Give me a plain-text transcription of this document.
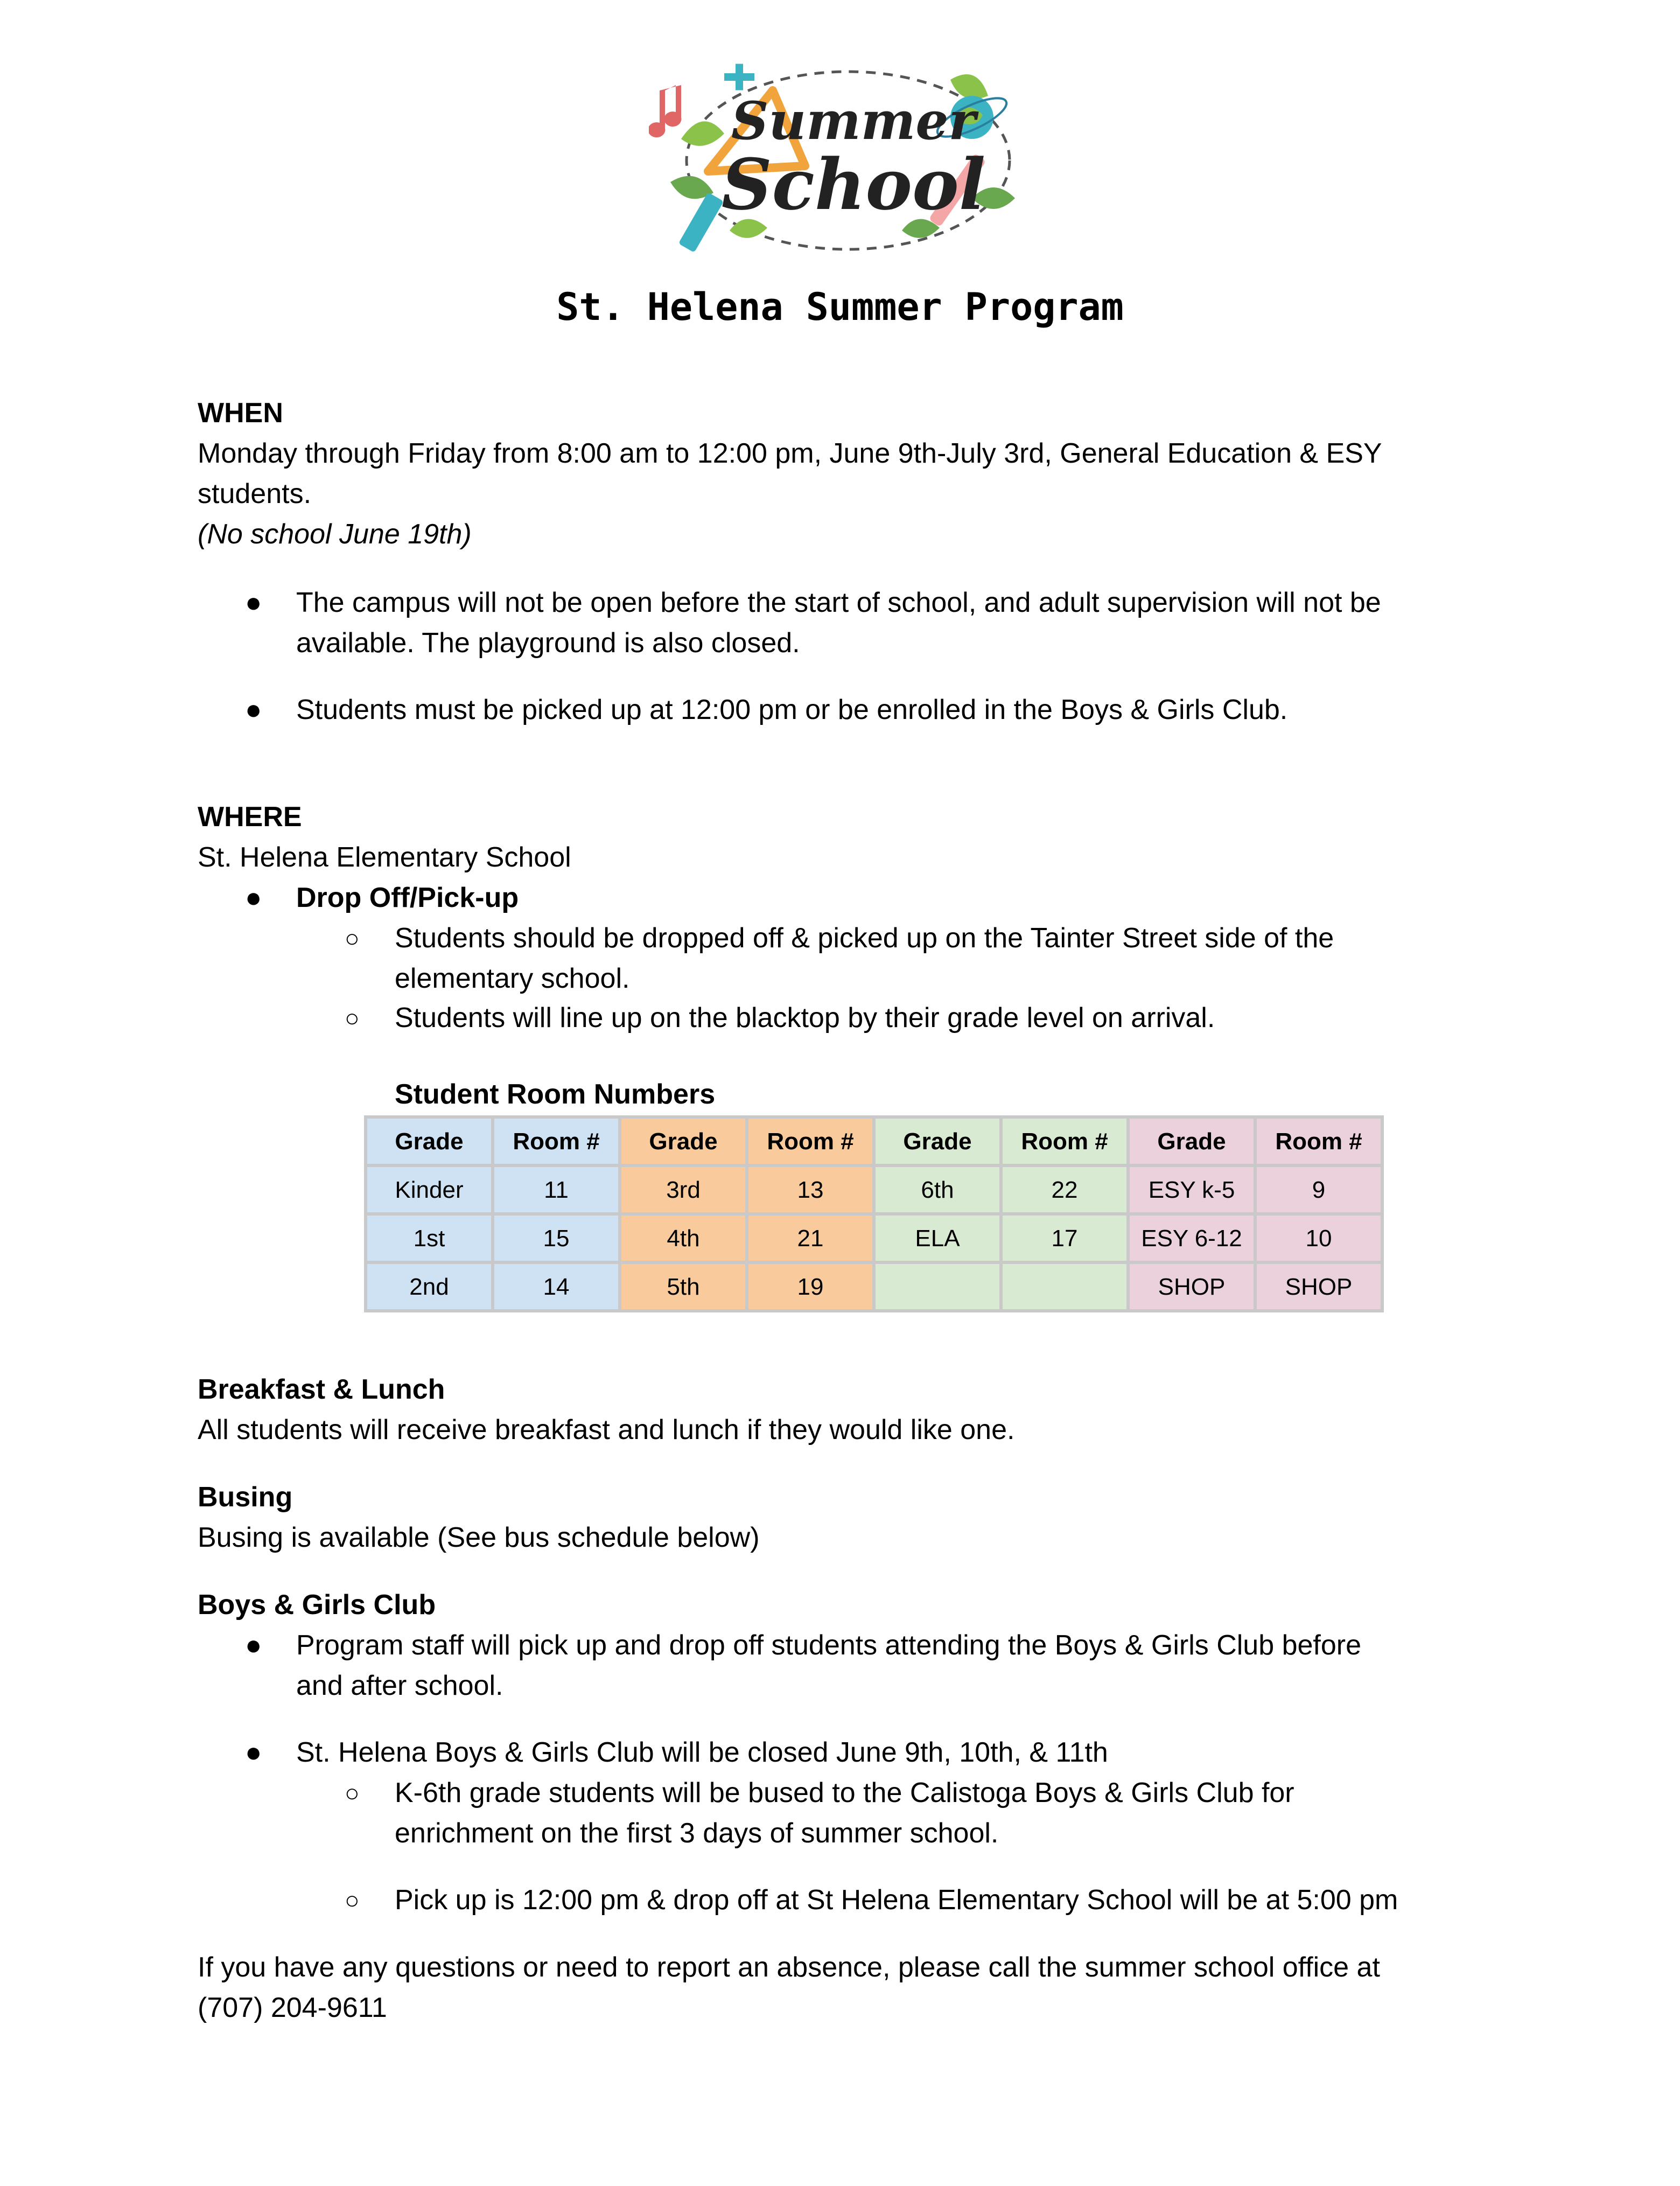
Summer
School
St. Helena Summer Program
WHEN
Monday through Friday from 8:00 am to 12:00 pm, June 9th-July 3rd, General Education & ESY
students.
(No school June 19th)
● The campus will not be open before the start of school, and adult supervision will not be
available. The playground is also closed.
● Students must be picked up at 12:00 pm or be enrolled in the Boys & Girls Club.
WHERE
St. Helena Elementary School
● Drop Off/Pick-up
○ Students should be dropped off & picked up on the Tainter Street side of the
elementary school.
○ Students will line up on the blacktop by their grade level on arrival.
Student Room Numbers
Grade	Room #	Grade	Room #	Grade	Room #	Grade	Room #
Kinder	11	3rd	13	6th	22	ESY k-5	9
1st	15	4th	21	ELA	17	ESY 6-12	10
2nd	14	5th	19			SHOP	SHOP
Breakfast & Lunch
All students will receive breakfast and lunch if they would like one.
Busing
Busing is available (See bus schedule below)
Boys & Girls Club
● Program staff will pick up and drop off students attending the Boys & Girls Club before
and after school.
● St. Helena Boys & Girls Club will be closed June 9th, 10th, & 11th
○ K-6th grade students will be bused to the Calistoga Boys & Girls Club for
enrichment on the first 3 days of summer school.
○ Pick up is 12:00 pm & drop off at St Helena Elementary School will be at 5:00 pm
If you have any questions or need to report an absence, please call the summer school office at
(707) 204-9611
